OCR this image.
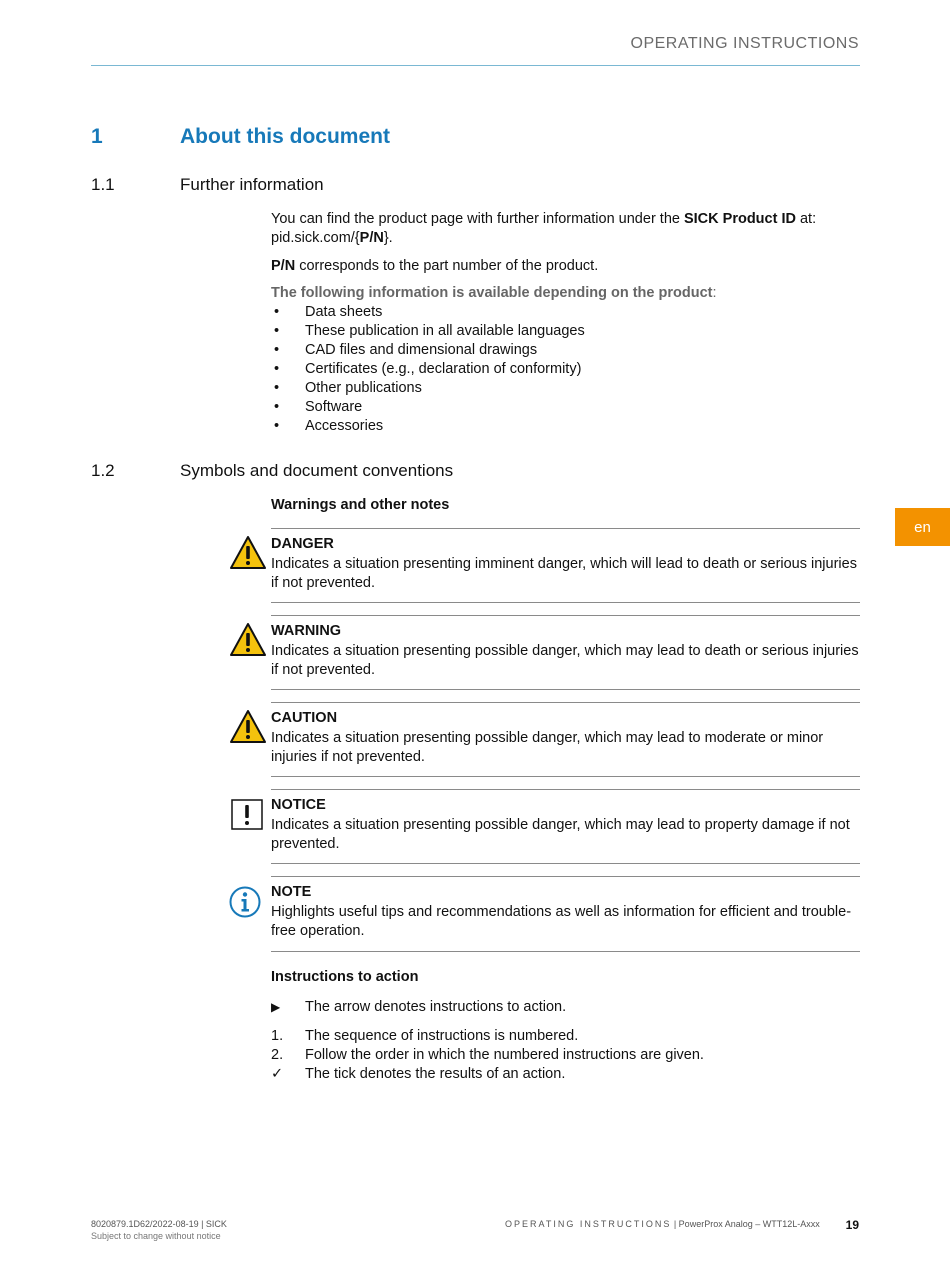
OPERATING INSTRUCTIONS
en
1	About this document
1.1	Further information
You can find the product page with further information under the SICK Product ID at:
pid.sick.com/{P/N}.
P/N corresponds to the part number of the product.
The following information is available depending on the product:
• Data sheets
• These publication in all available languages
• CAD files and dimensional drawings
• Certificates (e.g., declaration of conformity)
• Other publications
• Software
• Accessories
1.2	Symbols and document conventions
Warnings and other notes
DANGER
Indicates a situation presenting imminent danger, which will lead to death or serious injuries if not prevented.
WARNING
Indicates a situation presenting possible danger, which may lead to death or serious injuries if not prevented.
CAUTION
Indicates a situation presenting possible danger, which may lead to moderate or minor injuries if not prevented.
NOTICE
Indicates a situation presenting possible danger, which may lead to property damage if not prevented.
NOTE
Highlights useful tips and recommendations as well as information for efficient and trouble-free operation.
Instructions to action
▶ The arrow denotes instructions to action.
1. The sequence of instructions is numbered.
2. Follow the order in which the numbered instructions are given.
✓ The tick denotes the results of an action.
8020879.1D62/2022-08-19 | SICK
Subject to change without notice
OPERATING INSTRUCTIONS | PowerProx Analog – WTT12L-Axxx 19
